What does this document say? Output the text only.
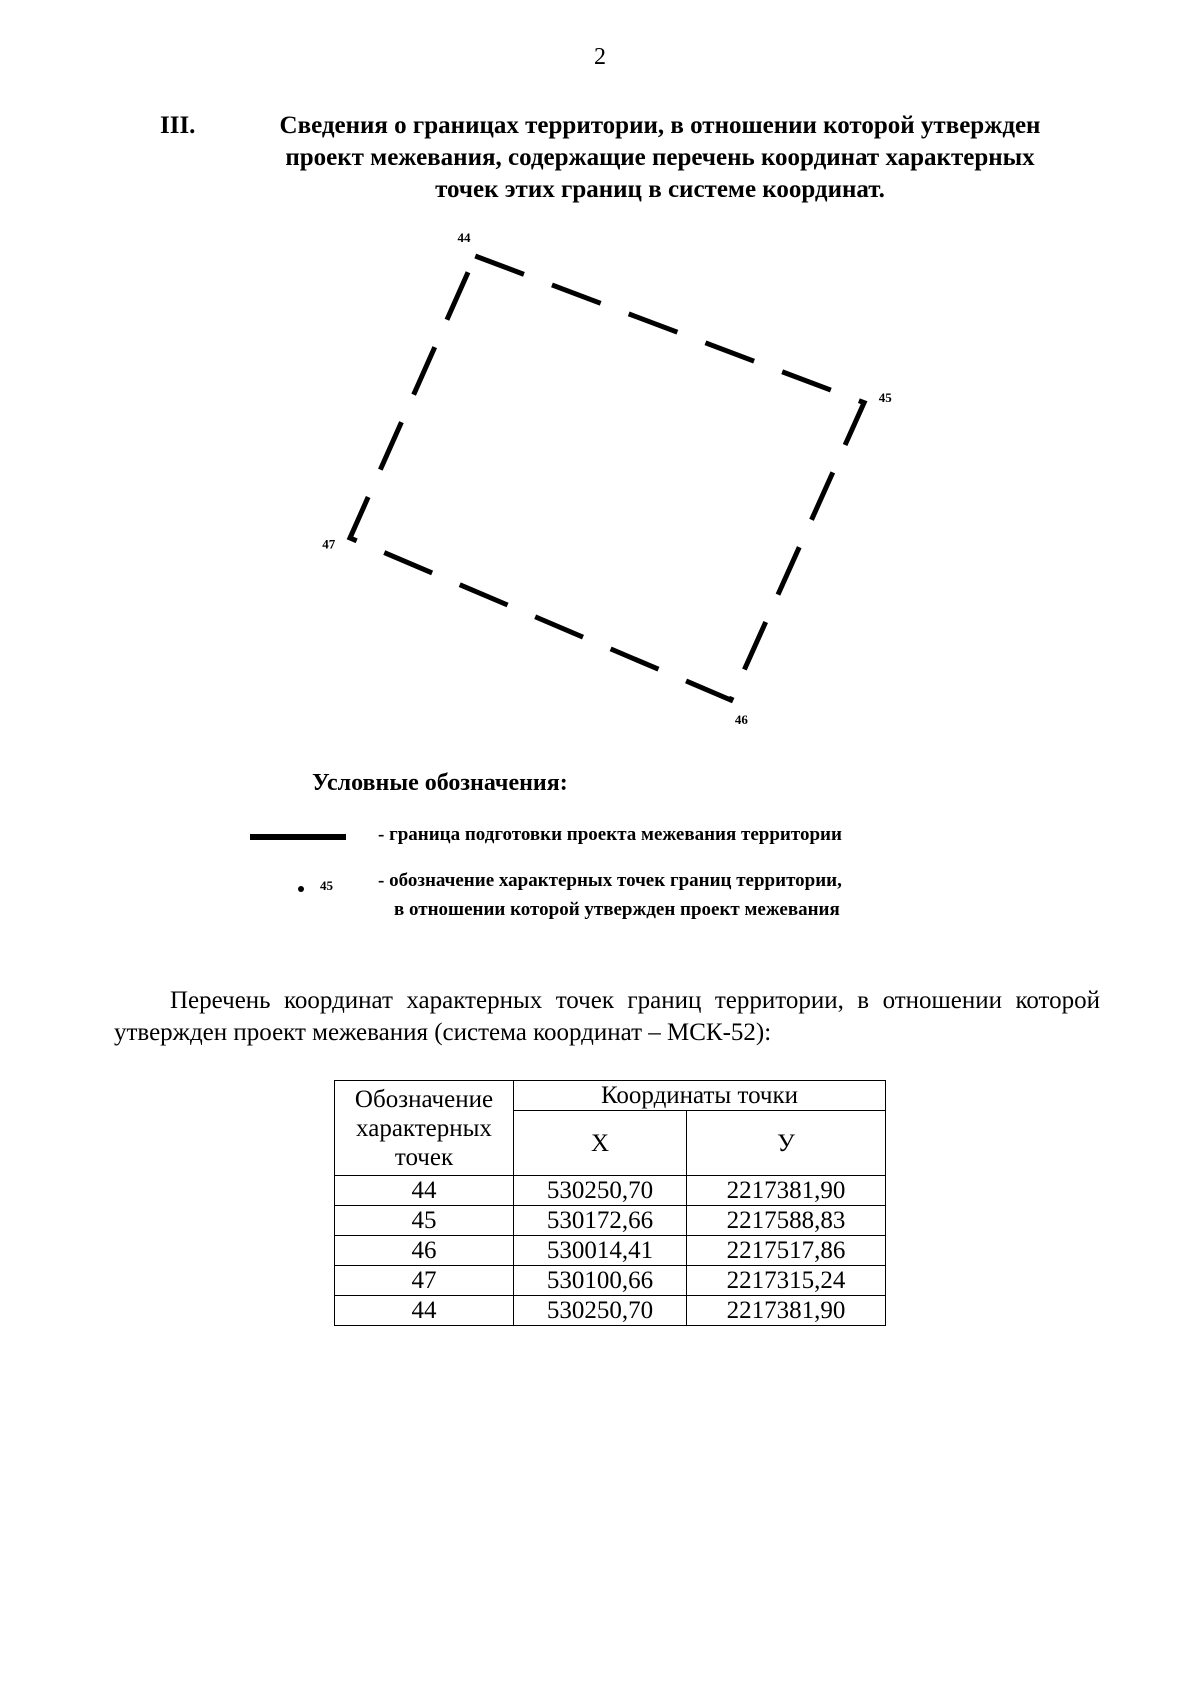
2
III.	Сведения о границах территории, в отношении которой утвержден
проект межевания, содержащие перечень координат характерных
точек этих границ в системе координат.
44
45
46
47
Условные обозначения:
- граница подготовки проекта межевания территории
45 - обозначение характерных точек границ территории,
в отношении которой утвержден проект межевания
Перечень координат характерных точек границ территории, в отношении которой утвержден проект межевания (система координат – МСК-52):
Обозначение
характерных
точек	Координаты точки	
	Х	У
44	530250,70	2217381,90
45	530172,66	2217588,83
46	530014,41	2217517,86
47	530100,66	2217315,24
44	530250,70	2217381,90
